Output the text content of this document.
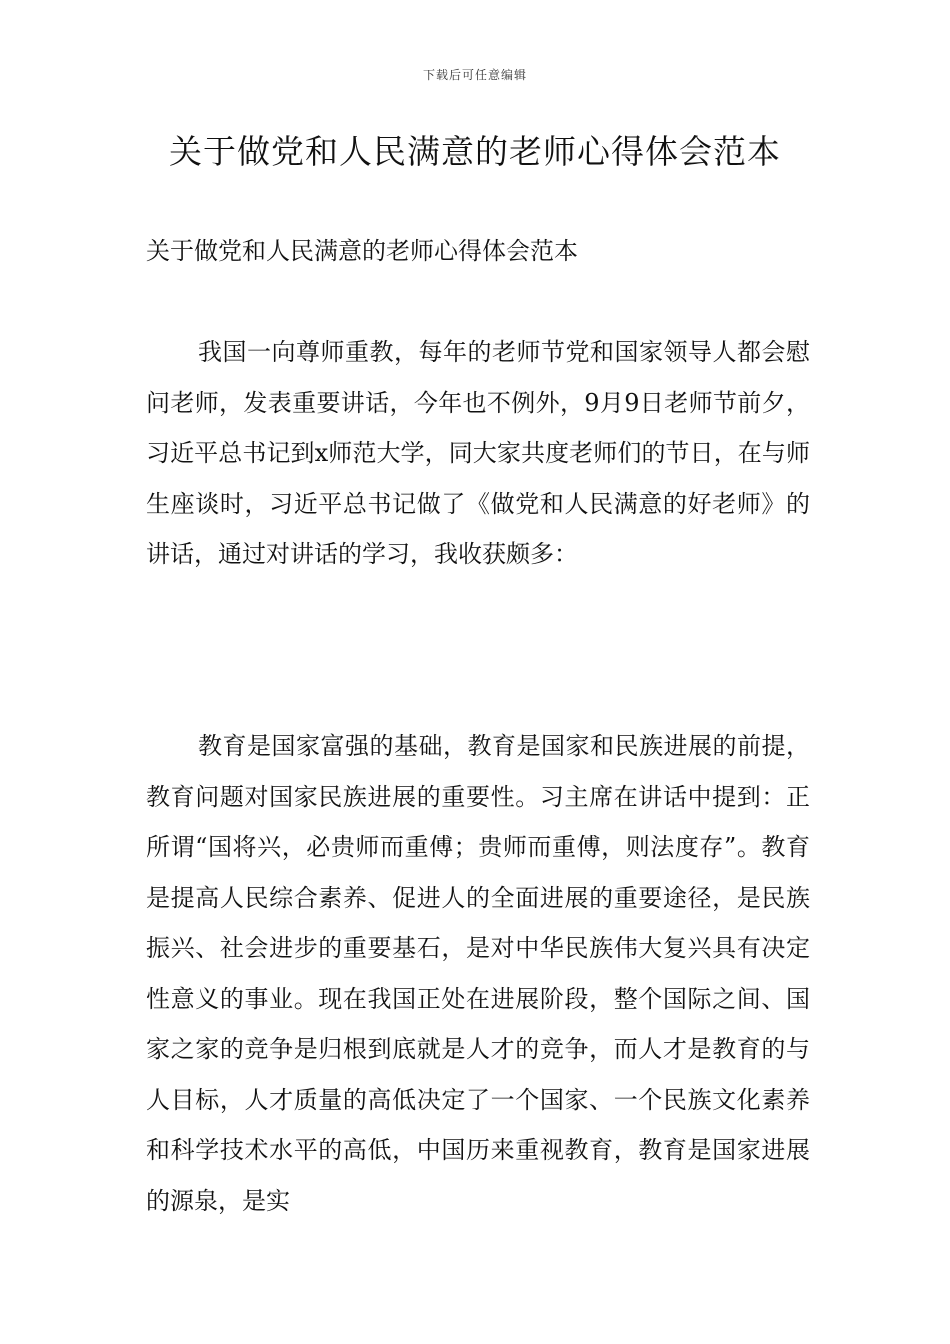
下载后可任意编辑
关于做党和人民满意的老师心得体会范本

关于做党和人民满意的老师心得体会范本

我国一向尊师重教，每年的老师节党和国家领导人都会慰问老师，发表重要讲话，今年也不例外，9月9日老师节前夕，习近平总书记到x师范大学，同大家共度老师们的节日，在与师生座谈时，习近平总书记做了《做党和人民满意的好老师》的讲话，通过对讲话的学习，我收获颇多：

教育是国家富强的基础，教育是国家和民族进展的前提，教育问题对国家民族进展的重要性。习主席在讲话中提到：正所谓“国将兴，必贵师而重傅；贵师而重傅，则法度存”。教育是提高人民综合素养、促进人的全面进展的重要途径，是民族振兴、社会进步的重要基石，是对中华民族伟大复兴具有决定性意义的事业。现在我国正处在进展阶段，整个国际之间、国家之家的竞争是归根到底就是人才的竞争，而人才是教育的与人目标，人才质量的高低决定了一个国家、一个民族文化素养和科学技术水平的高低，中国历来重视教育，教育是国家进展的源泉，是实
